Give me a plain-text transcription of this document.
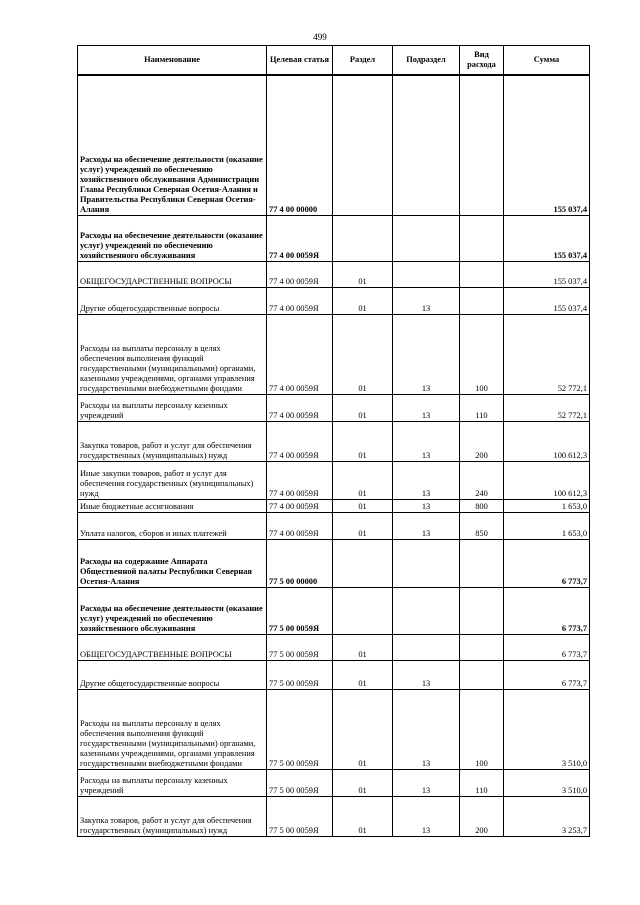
499
Наименование	Целевая статья	Раздел	Подраздел	Вид расхода	Сумма
Расходы на обеспечение деятельности (оказание услуг) учреждений по обеспечению хозяйственного обслуживания Администрации Главы Республики Северная Осетия-Алания и Правительства Республики Северная Осетия-Алания	77 4 00 00000				155 037,4
Расходы на обеспечение деятельности (оказание услуг) учреждений по обеспечению хозяйственного обслуживания	77 4 00 0059Я				155 037,4
ОБЩЕГОСУДАРСТВЕННЫЕ ВОПРОСЫ	77 4 00 0059Я	01			155 037,4
Другие общегосударственные вопросы	77 4 00 0059Я	01	13		155 037,4
Расходы на выплаты персоналу в целях обеспечения выполнения функций государственными (муниципальными) органами, казенными учреждениями, органами управления государственными внебюджетными фондами	77 4 00 0059Я	01	13	100	52 772,1
Расходы на выплаты персоналу казенных учреждений	77 4 00 0059Я	01	13	110	52 772,1
Закупка товаров, работ и услуг для обеспечения государственных (муниципальных) нужд	77 4 00 0059Я	01	13	200	100 612,3
Иные закупки товаров, работ и услуг для обеспечения государственных (муниципальных) нужд	77 4 00 0059Я	01	13	240	100 612,3
Иные бюджетные ассигнования	77 4 00 0059Я	01	13	800	1 653,0
Уплата налогов, сборов и иных платежей	77 4 00 0059Я	01	13	850	1 653,0
Расходы на содержание Аппарата Общественной палаты Республики Северная Осетия-Алания	77 5 00 00000				6 773,7
Расходы на обеспечение деятельности (оказание услуг) учреждений по обеспечению хозяйственного обслуживания	77 5 00 0059Я				6 773,7
ОБЩЕГОСУДАРСТВЕННЫЕ ВОПРОСЫ	77 5 00 0059Я	01			6 773,7
Другие общегосударственные вопросы	77 5 00 0059Я	01	13		6 773,7
Расходы на выплаты персоналу в целях обеспечения выполнения функций государственными (муниципальными) органами, казенными учреждениями, органами управления государственными внебюджетными фондами	77 5 00 0059Я	01	13	100	3 510,0
Расходы на выплаты персоналу казенных учреждений	77 5 00 0059Я	01	13	110	3 510,0
Закупка товаров, работ и услуг для обеспечения государственных (муниципальных) нужд	77 5 00 0059Я	01	13	200	3 253,7
